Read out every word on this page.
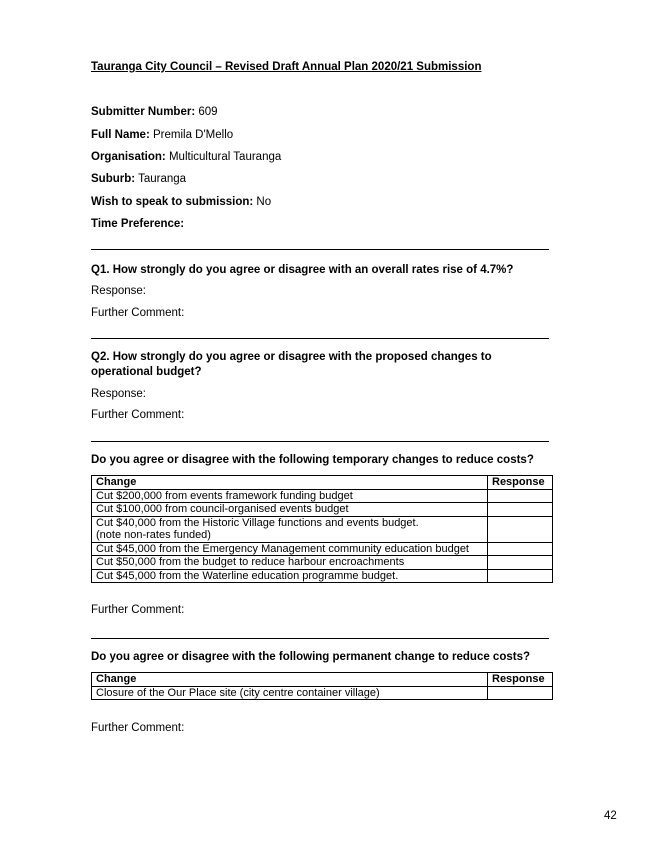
Tauranga City Council – Revised Draft Annual Plan 2020/21 Submission
Submitter Number: 609
Full Name: Premila D'Mello
Organisation: Multicultural Tauranga
Suburb: Tauranga
Wish to speak to submission: No
Time Preference:
Q1. How strongly do you agree or disagree with an overall rates rise of 4.7%?
Response:
Further Comment:
Q2. How strongly do you agree or disagree with the proposed changes to operational budget?
Response:
Further Comment:
Do you agree or disagree with the following temporary changes to reduce costs?
Change	Response
Cut $200,000 from events framework funding budget	
Cut $100,000 from council-organised events budget	

Cut $40,000 from the Historic Village functions and events budget.
(note non-rates funded)	

Cut $45,000 from the Emergency Management community education budget	
Cut $50,000 from the budget to reduce harbour encroachments	
Cut $45,000 from the Waterline education programme budget.	
Further Comment:
Do you agree or disagree with the following permanent change to reduce costs?
Change	Response
Closure of the Our Place site (city centre container village)	
Further Comment:
42
